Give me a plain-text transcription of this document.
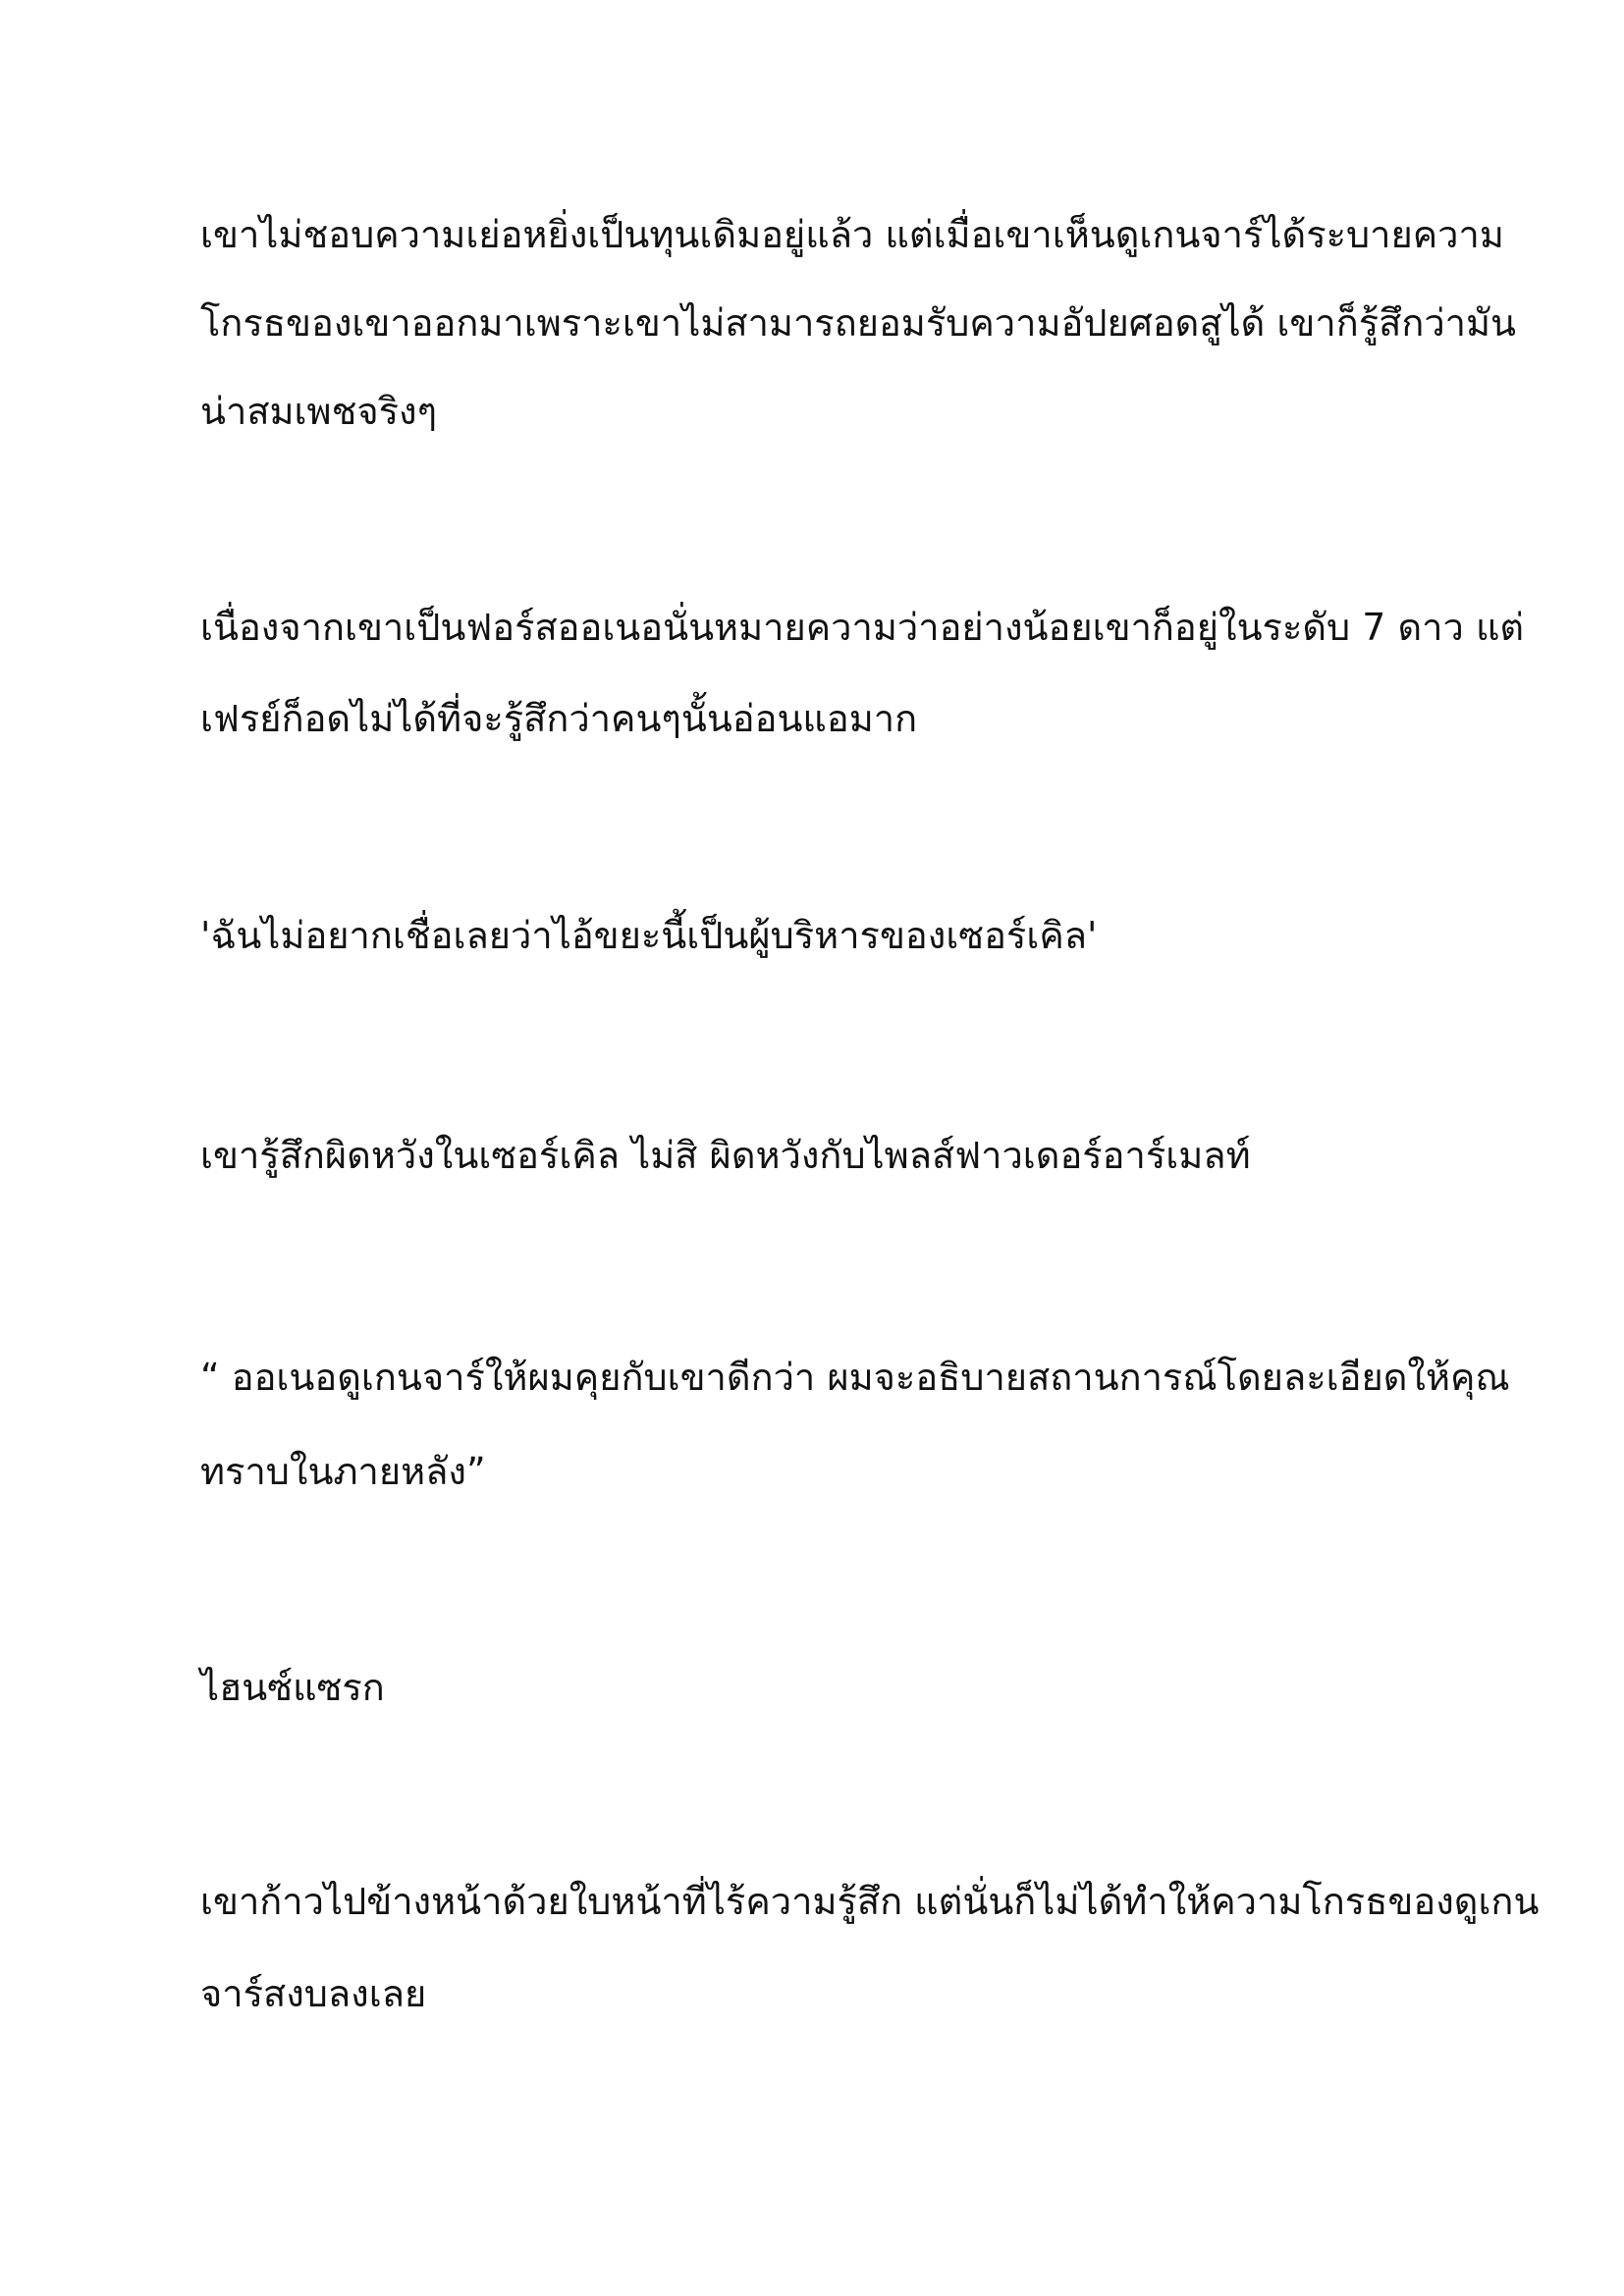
เขาไม่ชอบความเย่อหยิ่งเป็นทุนเดิมอยู่แล้ว แต่เมื่อเขาเห็นดูเกนจาร์ได้ระบายความ
โกรธของเขาออกมาเพราะเขาไม่สามารถยอมรับความอัปยศอดสูได้ เขาก็รู้สึกว่ามัน
น่าสมเพชจริงๆ
เนื่องจากเขาเป็นฟอร์สออเนอนั่นหมายความว่าอย่างน้อยเขาก็อยู่ในระดับ 7 ดาว แต่
เฟรย์ก็อดไม่ได้ที่จะรู้สึกว่าคนๆนั้นอ่อนแอมาก
'ฉันไม่อยากเชื่อเลยว่าไอ้ขยะนี้เป็นผู้บริหารของเซอร์เคิล'
เขารู้สึกผิดหวังในเซอร์เคิล ไม่สิ ผิดหวังกับไพลส์ฟาวเดอร์อาร์เมลท์
“ ออเนอดูเกนจาร์ให้ผมคุยกับเขาดีกว่า ผมจะอธิบายสถานการณ์โดยละเอียดให้คุณ
ทราบในภายหลัง”
ไฮนซ์แซรก
เขาก้าวไปข้างหน้าด้วยใบหน้าที่ไร้ความรู้สึก แต่นั่นก็ไม่ได้ทำให้ความโกรธของดูเกน
จาร์สงบลงเลย
